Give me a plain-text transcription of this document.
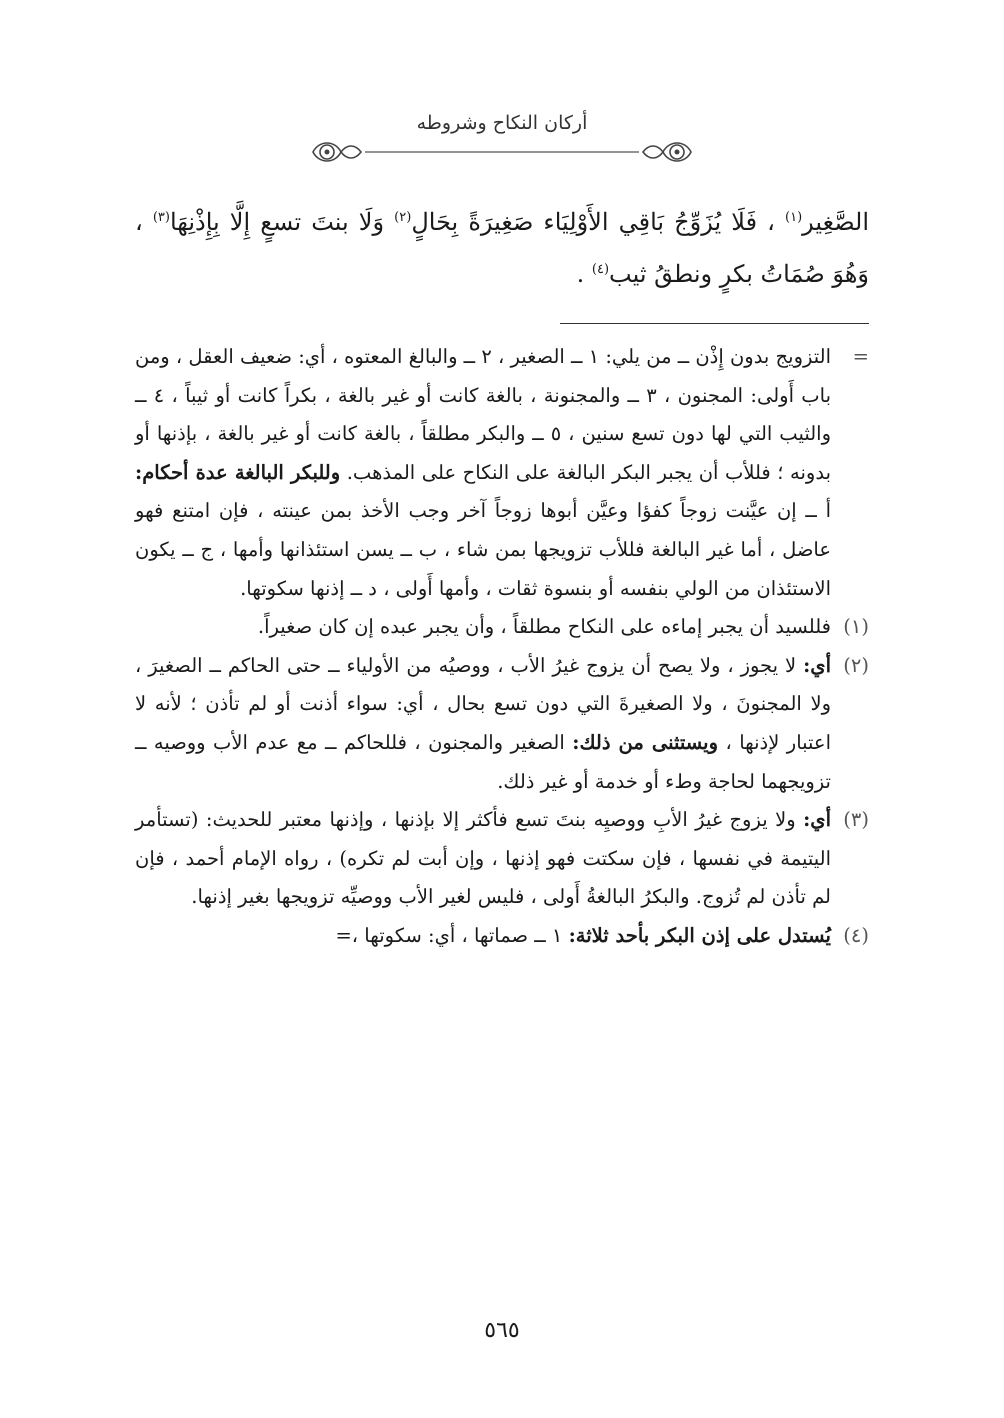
أركان النكاح وشروطه
الصَّغِير$^{(١)}$ ، فَلَا يُزَوِّجُ بَاقِي الأَوْلِيَاء صَغِيرَةً بِحَالٍ$^{(٢)}$ وَلَا بنتَ تسعٍ إِلَّا بِإِذْنِهَا$^{(٣)}$ ، وَهُوَ صُمَاتُ بكرٍ ونطقُ ثيب$^{(٤)}$ .
=
التزويج بدون إِذْن ــ من يلي: ١ ــ الصغير ، ٢ ــ والبالغ المعتوه ، أي: ضعيف العقل ، ومن باب أَولى: المجنون ، ٣ ــ والمجنونة ، بالغة كانت أو غير بالغة ، بكراً كانت أو ثيباً ، ٤ ــ والثيب التي لها دون تسع سنين ، ٥ ــ والبكر مطلقاً ، بالغة كانت أو غير بالغة ، بإذنها أو بدونه ؛ فللأب أن يجبر البكر البالغة على النكاح على المذهب. وللبكر البالغة عدة أحكام: أ ــ إن عيَّنت زوجاً كفؤا وعيَّن أبوها زوجاً آخر وجب الأخذ بمن عينته ، فإن امتنع فهو عاضل ، أما غير البالغة فللأب تزويجها بمن شاء ، ب ــ يسن استئذانها وأمها ، ج ــ يكون الاستئذان من الولي بنفسه أو بنسوة ثقات ، وأمها أَولى ، د ــ إذنها سكوتها.
(١)
فللسيد أن يجبر إماءه على النكاح مطلقاً ، وأن يجبر عبده إن كان صغيراً.
(٢)
أي: لا يجوز ، ولا يصح أن يزوج غيرُ الأب ، ووصيُه من الأولياء ــ حتى الحاكم ــ الصغيرَ ، ولا المجنونَ ، ولا الصغيرةَ التي دون تسع بحال ، أي: سواء أذنت أو لم تأذن ؛ لأنه لا اعتبار لإذنها ، ويستثنى من ذلك: الصغير والمجنون ، فللحاكم ــ مع عدم الأب ووصيه ــ تزويجهما لحاجة وطء أو خدمة أو غير ذلك.
(٣)
أي: ولا يزوج غيرُ الأبِ ووصيِه بنتَ تسع فأكثر إلا بإذنها ، وإذنها معتبر للحديث: (تستأمر اليتيمة في نفسها ، فإن سكتت فهو إذنها ، وإن أبت لم تكره) ، رواه الإمام أحمد ، فإن لم تأذن لم تُزوج. والبكرُ البالغةُ أَولى ، فليس لغير الأب ووصيِّه تزويجها بغير إذنها.
(٤)
يُستدل على إذن البكر بأحد ثلاثة: ١ ــ صماتها ، أي: سكوتها ،=
٥٦٥
